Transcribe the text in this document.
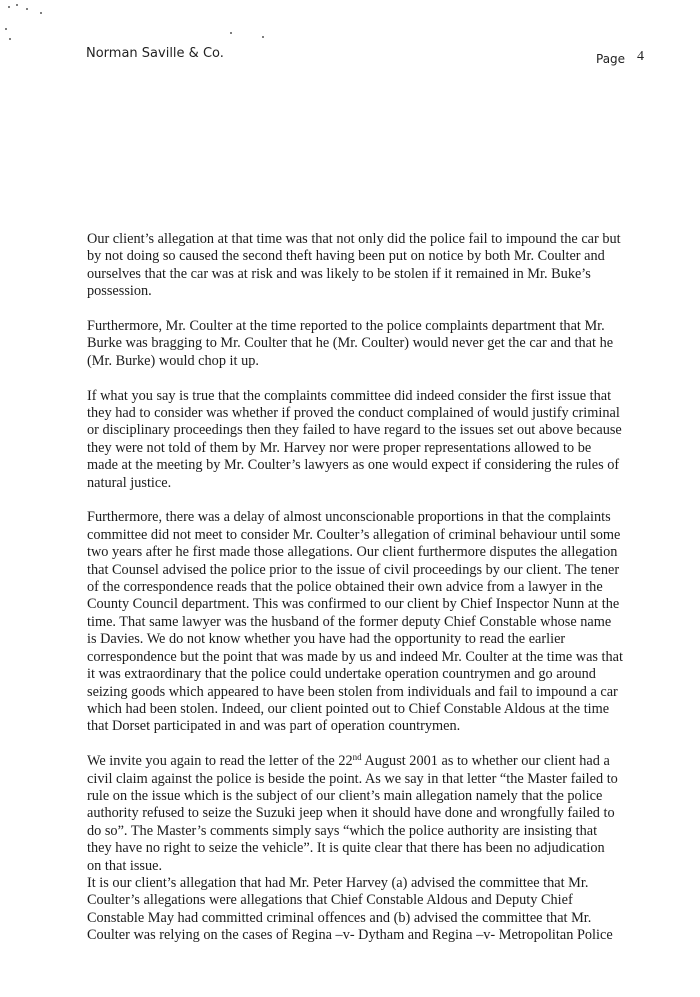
Norman Saville & Co.	Page 4

Our client’s allegation at that time was that not only did the police fail to impound the car but
by not doing so caused the second theft having been put on notice by both Mr. Coulter and
ourselves that the car was at risk and was likely to be stolen if it remained in Mr. Buke’s
possession.

Furthermore, Mr. Coulter at the time reported to the police complaints department that Mr.
Burke was bragging to Mr. Coulter that he (Mr. Coulter) would never get the car and that he
(Mr. Burke) would chop it up.

If what you say is true that the complaints committee did indeed consider the first issue that
they had to consider was whether if proved the conduct complained of would justify criminal
or disciplinary proceedings then they failed to have regard to the issues set out above because
they were not told of them by Mr. Harvey nor were proper representations allowed to be
made at the meeting by Mr. Coulter’s lawyers as one would expect if considering the rules of
natural justice.

Furthermore, there was a delay of almost unconscionable proportions in that the complaints
committee did not meet to consider Mr. Coulter’s allegation of criminal behaviour until some
two years after he first made those allegations. Our client furthermore disputes the allegation
that Counsel advised the police prior to the issue of civil proceedings by our client. The tener
of the correspondence reads that the police obtained their own advice from a lawyer in the
County Council department. This was confirmed to our client by Chief Inspector Nunn at the
time. That same lawyer was the husband of the former deputy Chief Constable whose name
is Davies. We do not know whether you have had the opportunity to read the earlier
correspondence but the point that was made by us and indeed Mr. Coulter at the time was that
it was extraordinary that the police could undertake operation countrymen and go around
seizing goods which appeared to have been stolen from individuals and fail to impound a car
which had been stolen. Indeed, our client pointed out to Chief Constable Aldous at the time
that Dorset participated in and was part of operation countrymen.

We invite you again to read the letter of the 22nd August 2001 as to whether our client had a
civil claim against the police is beside the point. As we say in that letter “the Master failed to
rule on the issue which is the subject of our client’s main allegation namely that the police
authority refused to seize the Suzuki jeep when it should have done and wrongfully failed to
do so”. The Master’s comments simply says “which the police authority are insisting that
they have no right to seize the vehicle”. It is quite clear that there has been no adjudication
on that issue.

It is our client’s allegation that had Mr. Peter Harvey (a) advised the committee that Mr.
Coulter’s allegations were allegations that Chief Constable Aldous and Deputy Chief
Constable May had committed criminal offences and (b) advised the committee that Mr.
Coulter was relying on the cases of Regina –v- Dytham and Regina –v- Metropolitan Police
